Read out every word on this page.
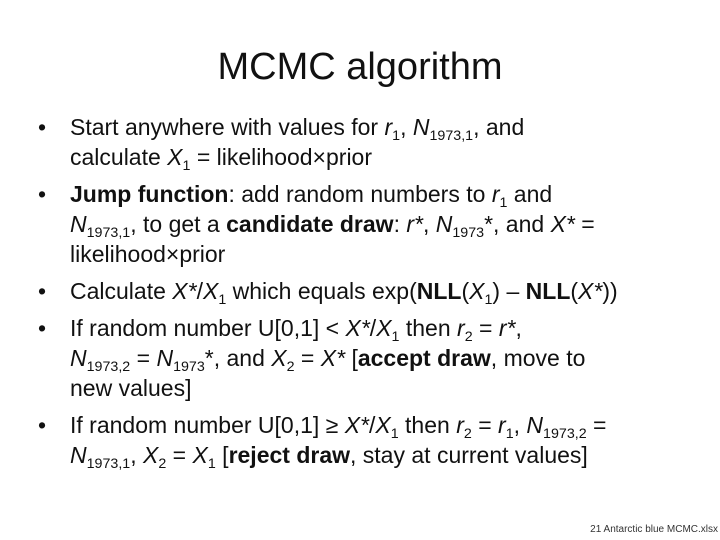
MCMC algorithm
•	Start anywhere with values for $r_1$, $N_{1973,1}$, and
calculate $X_1$ = likelihood×prior
•	Jump function: add random numbers to $r_1$ and
$N_{1973,1}$, to get a candidate draw: r*, $N_{1973}*$, and X* =
likelihood×prior
•	Calculate $X*/X_1$ which equals $\exp(NLL(X_1) - NLL(X*))$
•	If random number $U[0,1] < X*/X_1$ then $r_2 = r*$,
$N_{1973,2} = N_{1973}*$, and $X_2 = X*$ [accept draw, move to
new values]
•	If random number $U[0,1] \ge X*/X_1$ then $r_2 = r_1$, $N_{1973,2}$ =
$N_{1973,1}$, $X_2 = X_1$ [reject draw, stay at current values]
21 Antarctic blue MCMC.xlsx
